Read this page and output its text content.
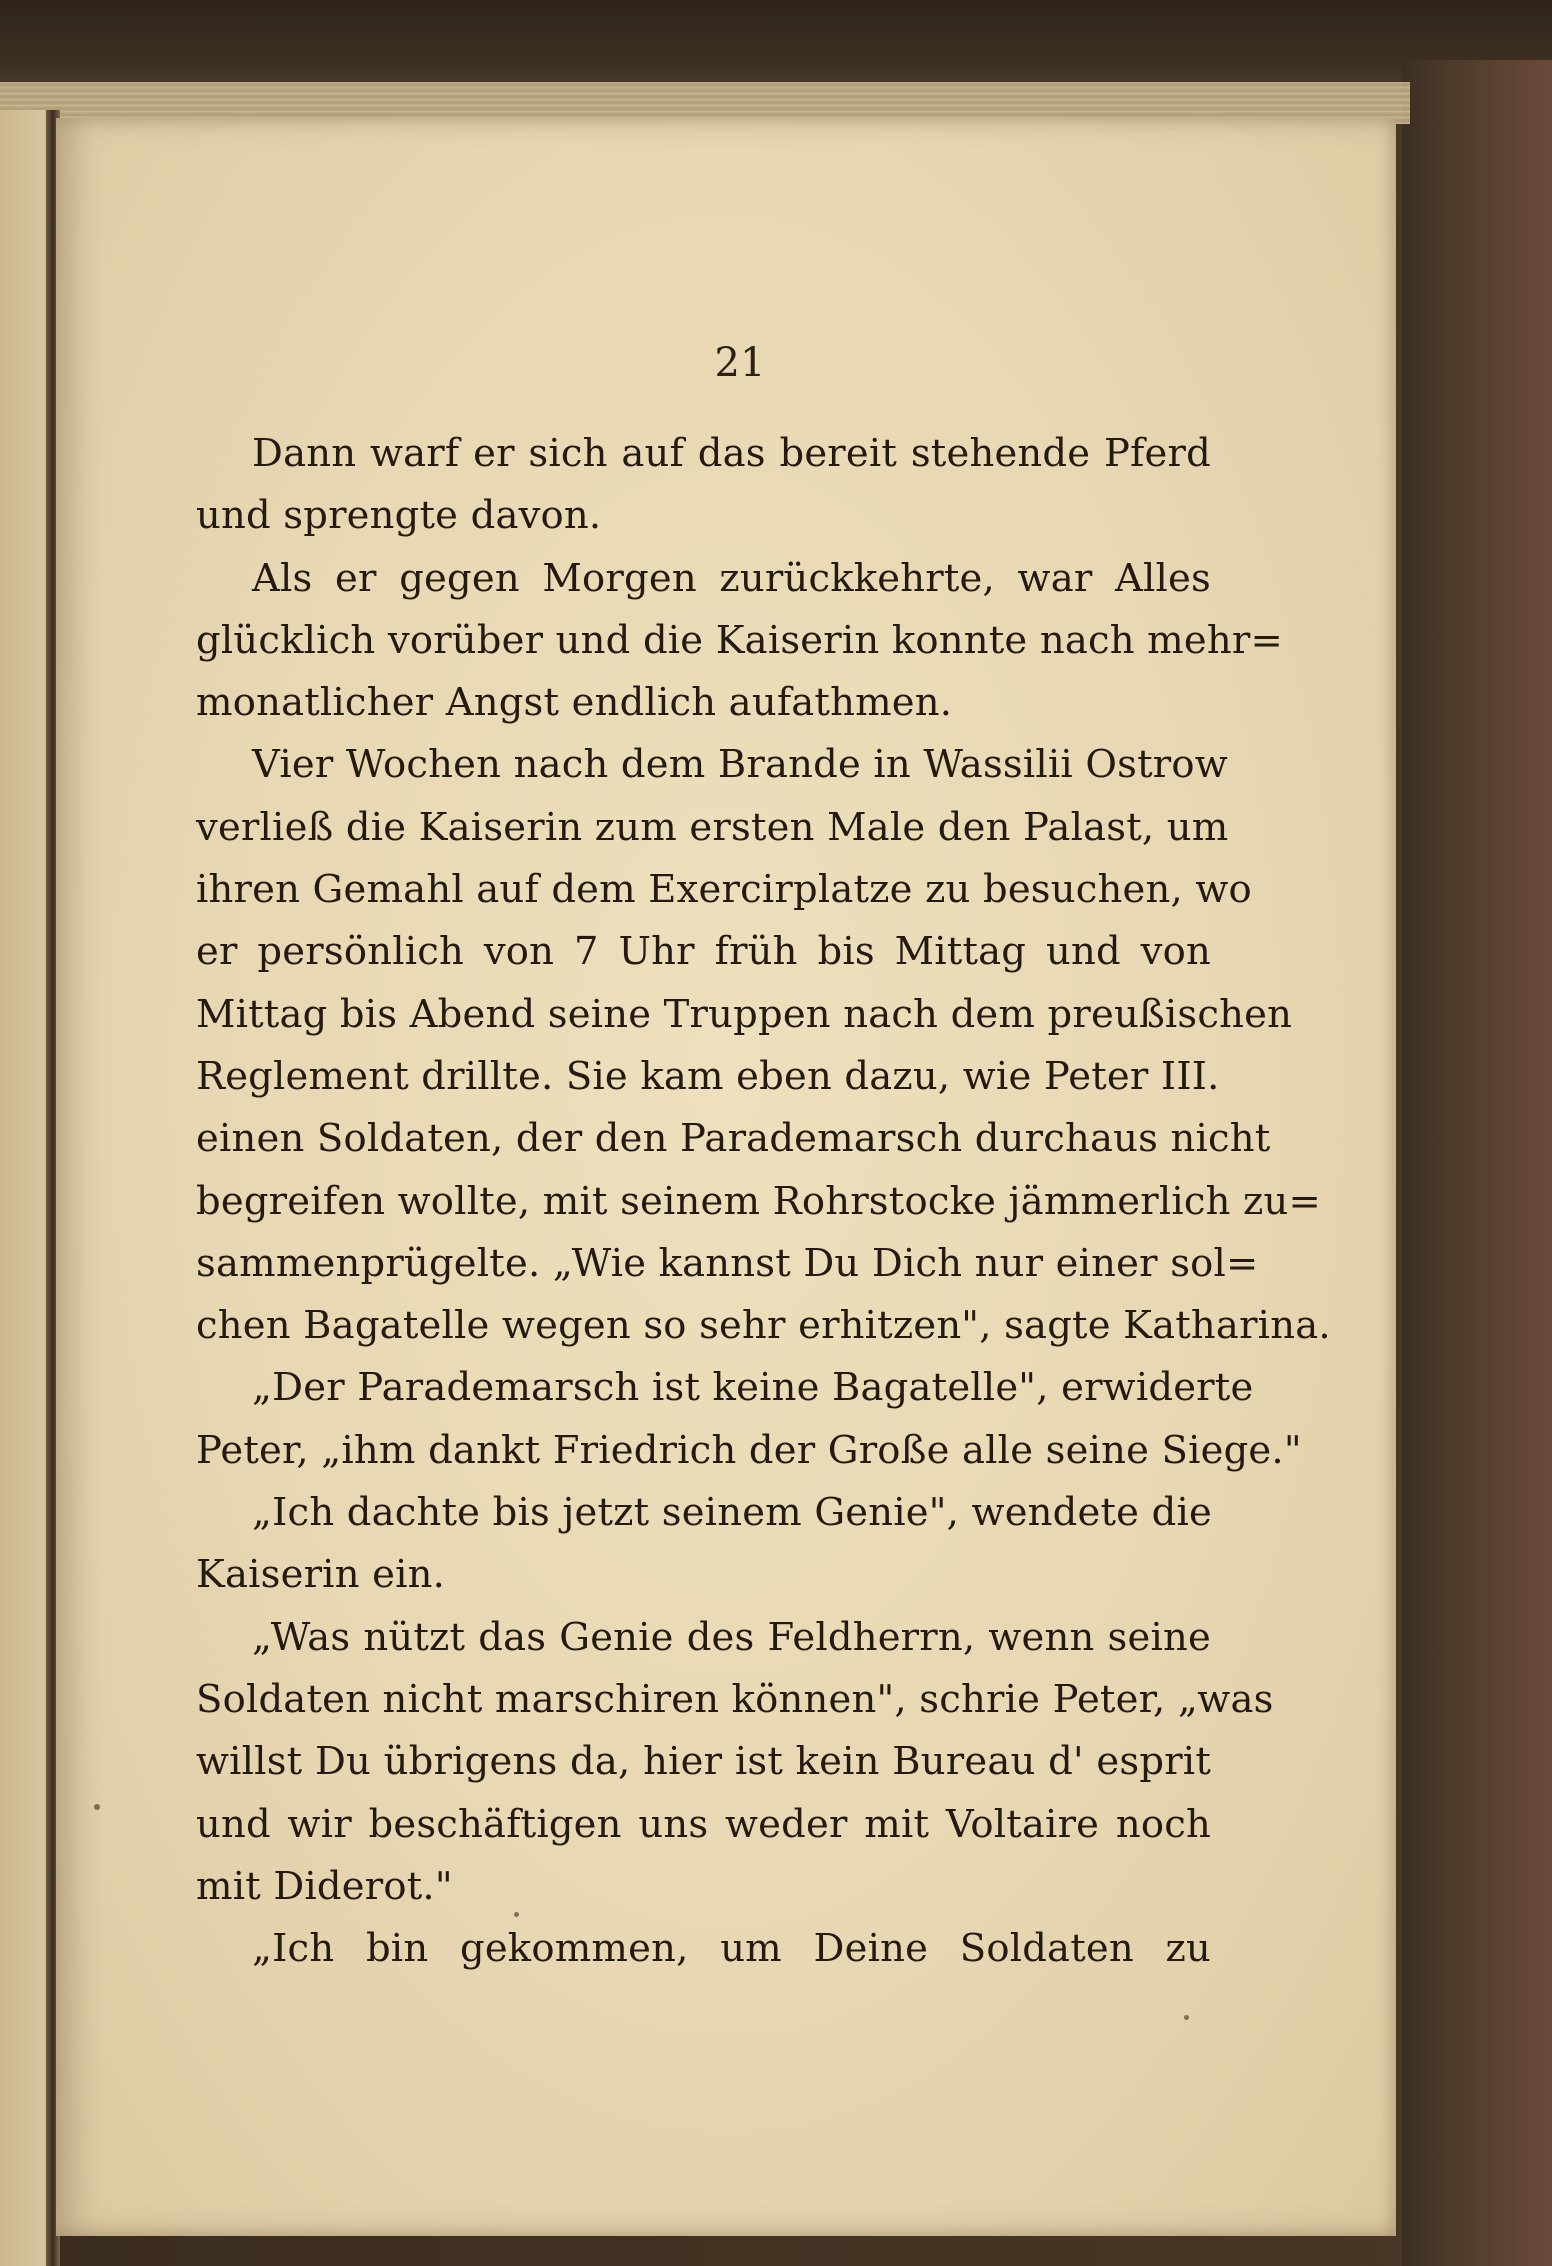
21
Dann warf er sich auf das bereit stehende Pferd
und sprengte davon.
Als er gegen Morgen zurückkehrte, war Alles
glücklich vorüber und die Kaiserin konnte nach mehr=
monatlicher Angst endlich aufathmen.
Vier Wochen nach dem Brande in Wassilii Ostrow
verließ die Kaiserin zum ersten Male den Palast, um
ihren Gemahl auf dem Exercirplatze zu besuchen, wo
er persönlich von 7 Uhr früh bis Mittag und von
Mittag bis Abend seine Truppen nach dem preußischen
Reglement drillte. Sie kam eben dazu, wie Peter III.
einen Soldaten, der den Parademarsch durchaus nicht
begreifen wollte, mit seinem Rohrstocke jämmerlich zu=
sammenprügelte. „Wie kannst Du Dich nur einer sol=
chen Bagatelle wegen so sehr erhitzen", sagte Katharina.
„Der Parademarsch ist keine Bagatelle", erwiderte
Peter, „ihm dankt Friedrich der Große alle seine Siege."
„Ich dachte bis jetzt seinem Genie", wendete die
Kaiserin ein.
„Was nützt das Genie des Feldherrn, wenn seine
Soldaten nicht marschiren können", schrie Peter, „was
willst Du übrigens da, hier ist kein Bureau d' esprit
und wir beschäftigen uns weder mit Voltaire noch
mit Diderot."
„Ich bin gekommen, um Deine Soldaten zu
